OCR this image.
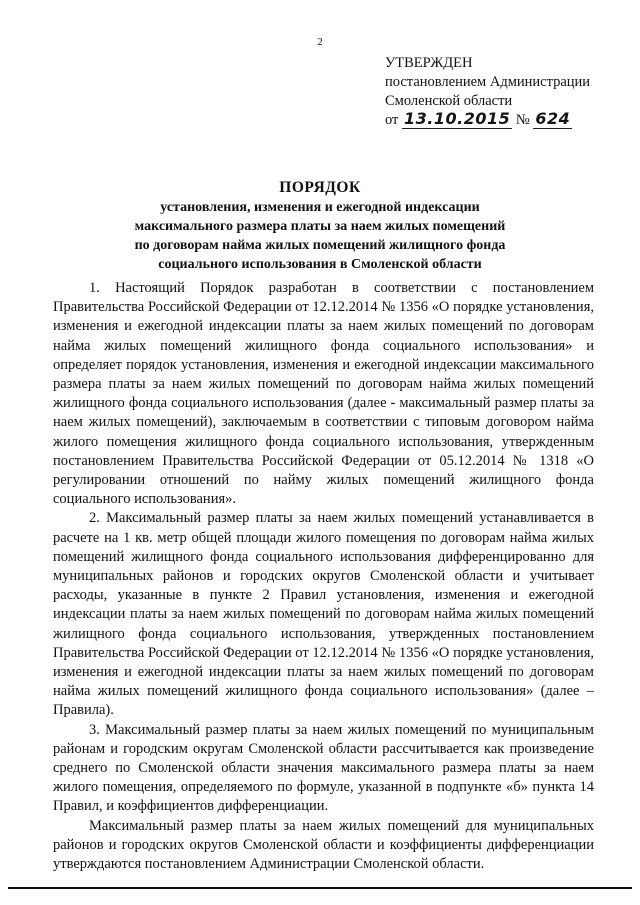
2
УТВЕРЖДЕН
постановлением Администрации
Смоленской области
от 13.10.2015 № 624
ПОРЯДОК
установления, изменения и ежегодной индексации
максимального размера платы за наем жилых помещений
по договорам найма жилых помещений жилищного фонда
социального использования в Смоленской области

1. Настоящий Порядок разработан в соответствии с постановлением Правительства Российской Федерации от 12.12.2014 № 1356 «О порядке установления, изменения и ежегодной индексации платы за наем жилых помещений по договорам найма жилых помещений жилищного фонда социального использования» и определяет порядок установления, изменения и ежегодной индексации максимального размера платы за наем жилых помещений по договорам найма жилых помещений жилищного фонда социального использования (далее - максимальный размер платы за наем жилых помещений), заключаемым в соответствии с типовым договором найма жилого помещения жилищного фонда социального использования, утвержденным постановлением Правительства Российской Федерации от 05.12.2014 № 1318 «О регулировании отношений по найму жилых помещений жилищного фонда социального использования».

2. Максимальный размер платы за наем жилых помещений устанавливается в расчете на 1 кв. метр общей площади жилого помещения по договорам найма жилых помещений жилищного фонда социального использования дифференцированно для муниципальных районов и городских округов Смоленской области и учитывает расходы, указанные в пункте 2 Правил установления, изменения и ежегодной индексации платы за наем жилых помещений по договорам найма жилых помещений жилищного фонда социального использования, утвержденных постановлением Правительства Российской Федерации от 12.12.2014 № 1356 «О порядке установления, изменения и ежегодной индексации платы за наем жилых помещений по договорам найма жилых помещений жилищного фонда социального использования» (далее – Правила).

3. Максимальный размер платы за наем жилых помещений по муниципальным районам и городским округам Смоленской области рассчитывается как произведение среднего по Смоленской области значения максимального размера платы за наем жилого помещения, определяемого по формуле, указанной в подпункте «б» пункта 14 Правил, и коэффициентов дифференциации.

Максимальный размер платы за наем жилых помещений для муниципальных районов и городских округов Смоленской области и коэффициенты дифференциации утверждаются постановлением Администрации Смоленской области.
